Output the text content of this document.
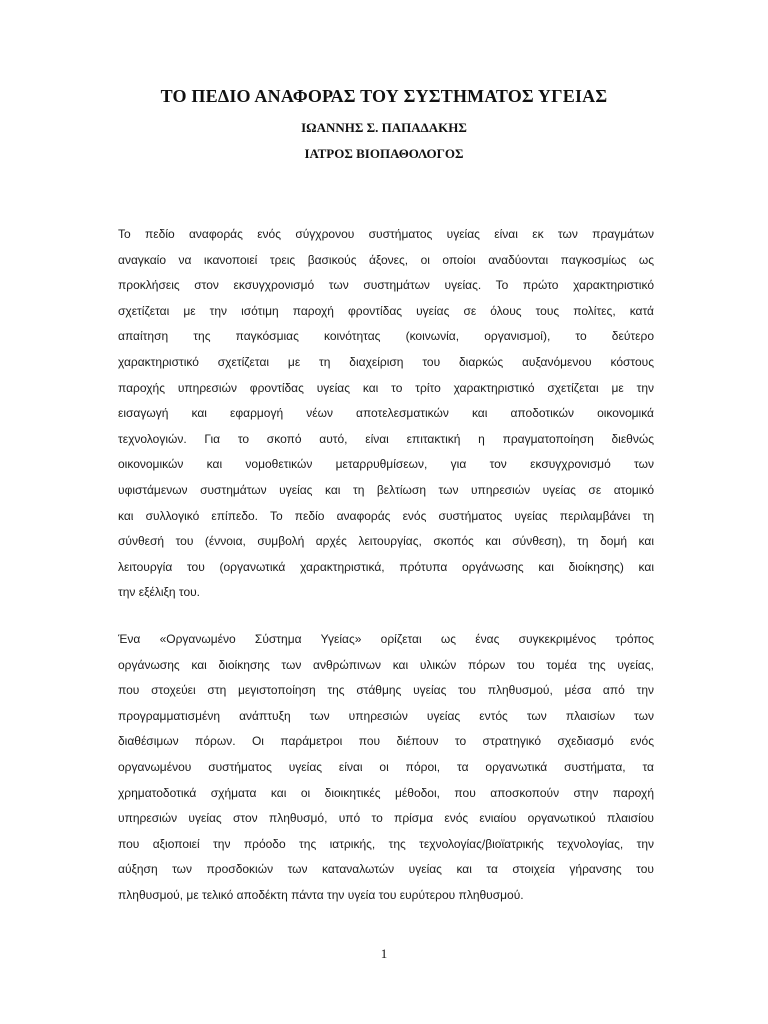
ΤΟ ΠΕΔΙΟ ΑΝΑΦΟΡΑΣ ΤΟΥ ΣΥΣΤΗΜΑΤΟΣ ΥΓΕΙΑΣ
ΙΩΑΝΝΗΣ Σ. ΠΑΠΑΔΑΚΗΣ
ΙΑΤΡΟΣ ΒΙΟΠΑΘΟΛΟΓΟΣ

Το πεδίο αναφοράς ενός σύγχρονου συστήματος υγείας είναι εκ των πραγμάτων
αναγκαίο να ικανοποιεί τρεις βασικούς άξονες, οι οποίοι αναδύονται παγκοσμίως ως
προκλήσεις στον εκσυγχρονισμό των συστημάτων υγείας. Το πρώτο χαρακτηριστικό
σχετίζεται με την ισότιμη παροχή φροντίδας υγείας σε όλους τους πολίτες, κατά
απαίτηση της παγκόσμιας κοινότητας (κοινωνία, οργανισμοί), το δεύτερο
χαρακτηριστικό σχετίζεται με τη διαχείριση του διαρκώς αυξανόμενου κόστους
παροχής υπηρεσιών φροντίδας υγείας και το τρίτο χαρακτηριστικό σχετίζεται με την
εισαγωγή και εφαρμογή νέων αποτελεσματικών και αποδοτικών οικονομικά
τεχνολογιών. Για το σκοπό αυτό, είναι επιτακτική η πραγματοποίηση διεθνώς
οικονομικών και νομοθετικών μεταρρυθμίσεων, για τον εκσυγχρονισμό των
υφιστάμενων συστημάτων υγείας και τη βελτίωση των υπηρεσιών υγείας σε ατομικό
και συλλογικό επίπεδο. Το πεδίο αναφοράς ενός συστήματος υγείας περιλαμβάνει τη
σύνθεσή του (έννοια, συμβολή αρχές λειτουργίας, σκοπός και σύνθεση), τη δομή και
λειτουργία του (οργανωτικά χαρακτηριστικά, πρότυπα οργάνωσης και διοίκησης) και
την εξέλιξη του.

Ένα «Οργανωμένο Σύστημα Υγείας» ορίζεται ως ένας συγκεκριμένος τρόπος
οργάνωσης και διοίκησης των ανθρώπινων και υλικών πόρων του τομέα της υγείας,
που στοχεύει στη μεγιστοποίηση της στάθμης υγείας του πληθυσμού, μέσα από την
προγραμματισμένη ανάπτυξη των υπηρεσιών υγείας εντός των πλαισίων των
διαθέσιμων πόρων. Οι παράμετροι που διέπουν το στρατηγικό σχεδιασμό ενός
οργανωμένου συστήματος υγείας είναι οι πόροι, τα οργανωτικά συστήματα, τα
χρηματοδοτικά σχήματα και οι διοικητικές μέθοδοι, που αποσκοπούν στην παροχή
υπηρεσιών υγείας στον πληθυσμό, υπό το πρίσμα ενός ενιαίου οργανωτικού πλαισίου
που αξιοποιεί την πρόοδο της ιατρικής, της τεχνολογίας/βιοϊατρικής τεχνολογίας, την
αύξηση των προσδοκιών των καταναλωτών υγείας και τα στοιχεία γήρανσης του
πληθυσμού, με τελικό αποδέκτη πάντα την υγεία του ευρύτερου πληθυσμού.

1
